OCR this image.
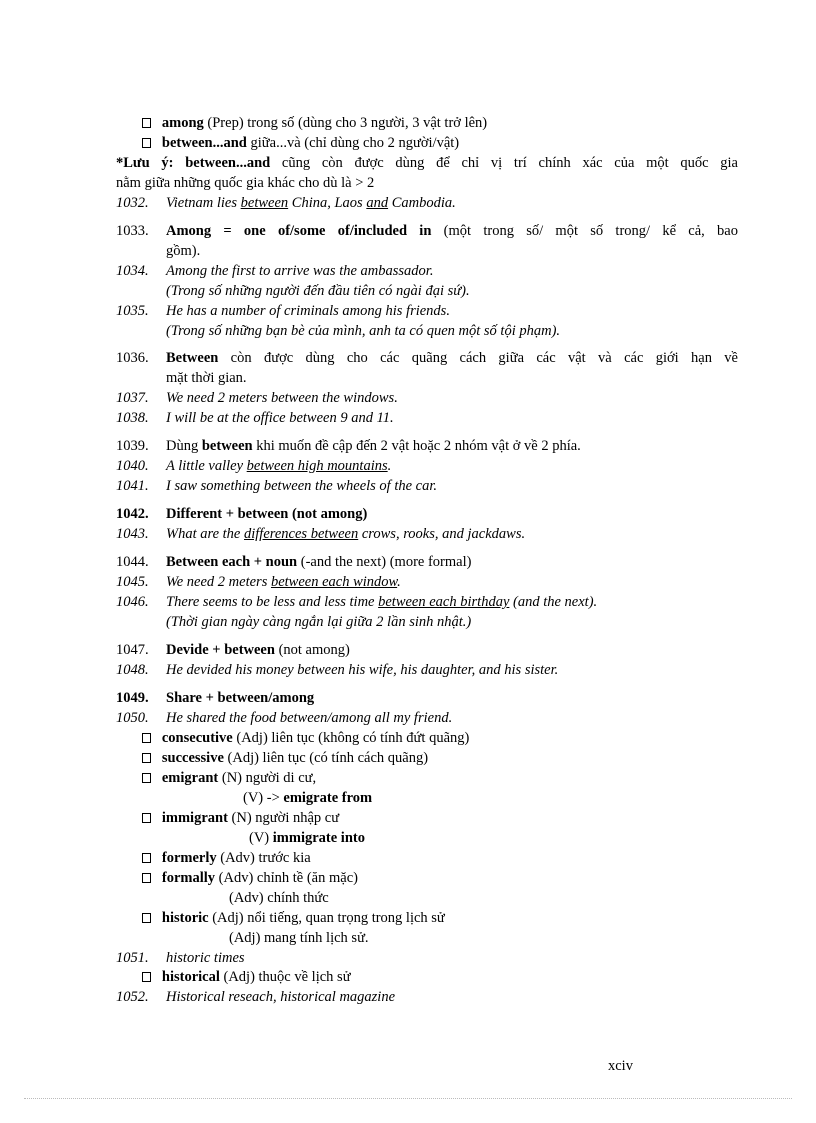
among (Prep) trong số (dùng cho 3 người, 3 vật trở lên)
between...and giữa...và (chỉ dùng cho 2 người/vật)
*Lưu ý: between...and cũng còn được dùng để chỉ vị trí chính xác của một quốc gia
nằm giữa những quốc gia khác cho dù là > 2
1032. Vietnam lies between China, Laos and Cambodia.
1033. Among = one of/some of/included in (một trong số/ một số trong/ kể cả, bao
gồm).
1034. Among the first to arrive was the ambassador.
(Trong số những người đến đầu tiên có ngài đại sứ).
1035. He has a number of criminals among his friends.
(Trong số những bạn bè của mình, anh ta có quen một số tội phạm).
1036. Between còn được dùng cho các quãng cách giữa các vật và các giới hạn về
mặt thời gian.
1037. We need 2 meters between the windows.
1038. I will be at the office between 9 and 11.
1039. Dùng between khi muốn đề cập đến 2 vật hoặc 2 nhóm vật ở về 2 phía.
1040. A little valley between high mountains.
1041. I saw something between the wheels of the car.
1042. Different + between (not among)
1043. What are the differences between crows, rooks, and jackdaws.
1044. Between each + noun (-and the next) (more formal)
1045. We need 2 meters between each window.
1046. There seems to be less and less time between each birthday (and the next).
(Thời gian ngày càng ngắn lại giữa 2 lần sinh nhật.)
1047. Devide + between (not among)
1048. He devided his money between his wife, his daughter, and his sister.
1049. Share + between/among
1050. He shared the food between/among all my friend.
consecutive (Adj) liên tục (không có tính đứt quãng)
successive (Adj) liên tục (có tính cách quãng)
emigrant (N) người di cư,
(V) -> emigrate from
immigrant (N) người nhập cư
(V) immigrate into
formerly (Adv) trước kia
formally (Adv) chỉnh tề (ăn mặc)
(Adv) chính thức
historic (Adj) nổi tiếng, quan trọng trong lịch sử
(Adj) mang tính lịch sử.
1051. historic times
historical (Adj) thuộc về lịch sử
1052. Historical reseach, historical magazine
xciv
